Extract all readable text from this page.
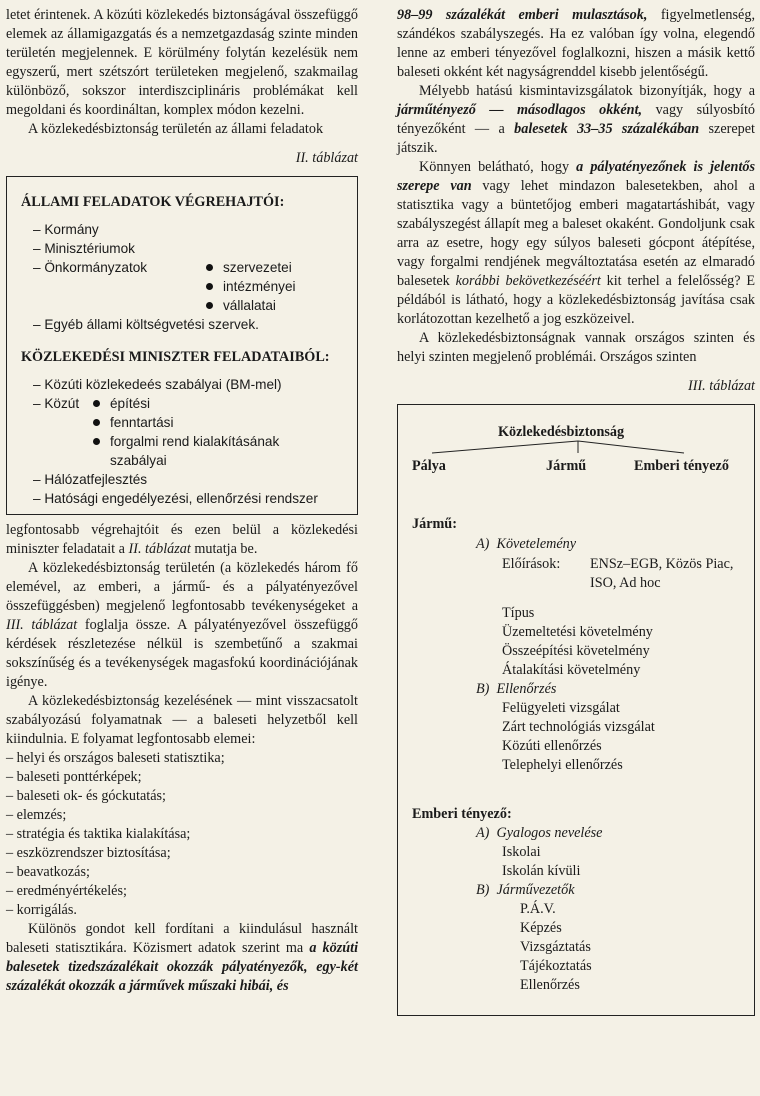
letet érintenek. A közúti közlekedés biztonságával összefüggő elemek az államigazgatás és a nemzetgazdaság szinte minden területén megjelennek. E körülmény folytán kezelésük nem egyszerű, mert szétszórt területeken megjelenő, szakmailag különböző, sokszor interdiszciplináris problémákat kell megoldani és koordináltan, komplex módon kezelni.

A közlekedésbiztonság területén az állami feladatok

II. táblázat
ÁLLAMI FELADATOK VÉGREHAJTÓI:
– Kormány
– Minisztériumok
– Önkormányzatok	szervezetei
intézményei
vállalatai
– Egyéb állami költségvetési szervek.
KÖZLEKEDÉSI MINISZTER FELADATAIBÓL:
– Közúti közlekedeés szabályai (BM-mel)
– Közút	építési
fenntartási
forgalmi rend kialakításának
szabályai
– Hálózatfejlesztés
– Hatósági engedélyezési, ellenőrzési rendszer

legfontosabb végrehajtóit és ezen belül a közlekedési miniszter feladatait a II. táblázat mutatja be.

A közlekedésbiztonság területén (a közlekedés három fő elemével, az emberi, a jármű- és a pályatényezővel összefüggésben) megjelenő legfontosabb tevékenységeket a III. táblázat foglalja össze. A pályatényezővel összefüggő kérdések részletezése nélkül is szembetűnő a szakmai sokszínűség és a tevékenységek magasfokú koordinációjának igénye.

A közlekedésbiztonság kezelésének — mint visszacsatolt szabályozású folyamatnak — a baleseti helyzetből kell kiindulnia. E folyamat legfontosabb elemei:

– helyi és országos baleseti statisztika;
– baleseti ponttérképek;
– baleseti ok- és góckutatás;
– elemzés;
– stratégia és taktika kialakítása;
– eszközrendszer biztosítása;
– beavatkozás;
– eredményértékelés;
– korrigálás.

Különös gondot kell fordítani a kiindulásul használt baleseti statisztikára. Közismert adatok szerint ma a közúti balesetek tizedszázalékait okozzák pályatényezők, egy-két százalékát okozzák a járművek műszaki hibái, és

98–99 százalékát emberi mulasztások, figyelmetlenség, szándékos szabályszegés. Ha ez valóban így volna, elegendő lenne az emberi tényezővel foglalkozni, hiszen a másik kettő baleseti okként két nagyságrenddel kisebb jelentőségű.

Mélyebb hatású kismintavizsgálatok bizonyítják, hogy a járműtényező — másodlagos okként, vagy súlyosbító tényezőként — a balesetek 33–35 százalékában szerepet játszik.

Könnyen belátható, hogy a pályatényezőnek is jelentős szerepe van vagy lehet mindazon balesetekben, ahol a statisztika vagy a büntetőjog emberi magatartáshibát, vagy szabályszegést állapít meg a baleset okaként. Gondoljunk csak arra az esetre, hogy egy súlyos baleseti gócpont átépítése, vagy forgalmi rendjének megváltoztatása esetén az elmaradó balesetek korábbi bekövetkezéséért kit terhel a felelősség? E példából is látható, hogy a közlekedésbiztonság javítása csak korlátozottan kezelhető a jog eszközeivel.

A közlekedésbiztonságnak vannak országos szinten és helyi szinten megjelenő problémái. Országos szinten

III. táblázat
Közlekedésbiztonság
Pálya	Jármű	Emberi tényező
Jármű:
A) Követelemény
Előírások: ENSz–EGB, Közös Piac,
ISO, Ad hoc
Típus
Üzemeltetési követelmény
Összeépítési követelmény
Átalakítási követelmény
B) Ellenőrzés
Felügyeleti vizsgálat
Zárt technológiás vizsgálat
Közúti ellenőrzés
Telephelyi ellenőrzés
Emberi tényező:
A) Gyalogos nevelése
Iskolai
Iskolán kívüli
B) Járművezetők
P.Á.V.
Képzés
Vizsgáztatás
Tájékoztatás
Ellenőrzés
